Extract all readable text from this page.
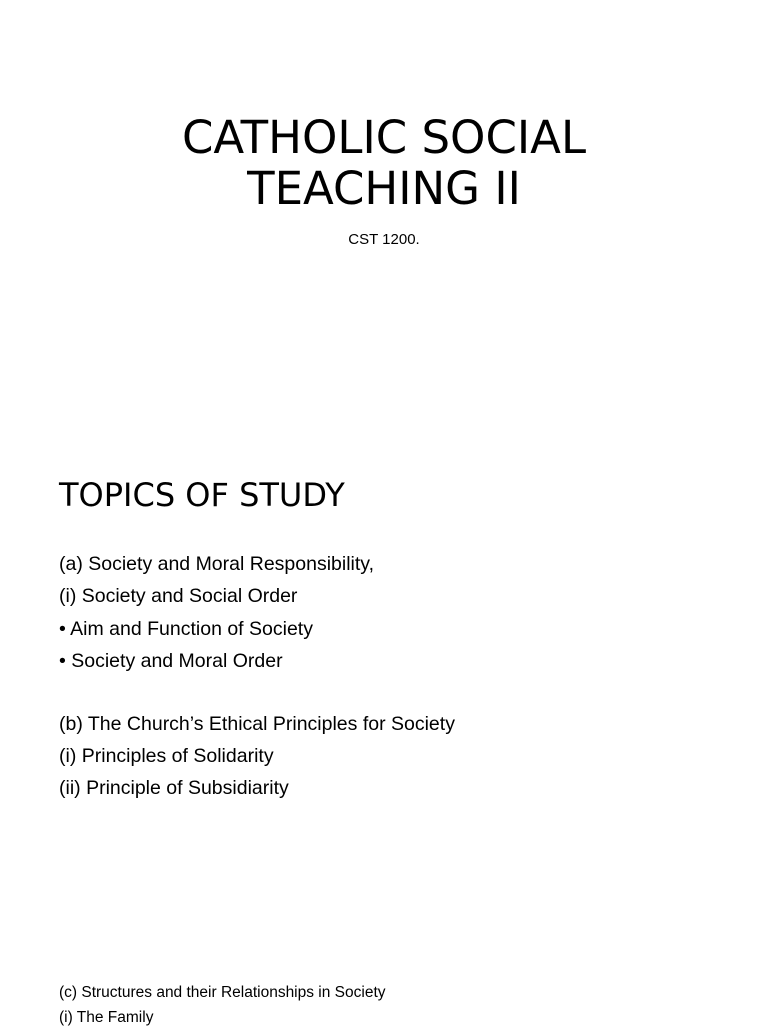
CATHOLIC SOCIAL
TEACHING II

CST 1200.

TOPICS OF STUDY
(a) Society and Moral Responsibility,
(i) Society and Social Order
• Aim and Function of Society
• Society and Moral Order
(b) The Church’s Ethical Principles for Society
(i) Principles of Solidarity
(ii) Principle of Subsidiarity
(c) Structures and their Relationships in Society
(i) The Family
